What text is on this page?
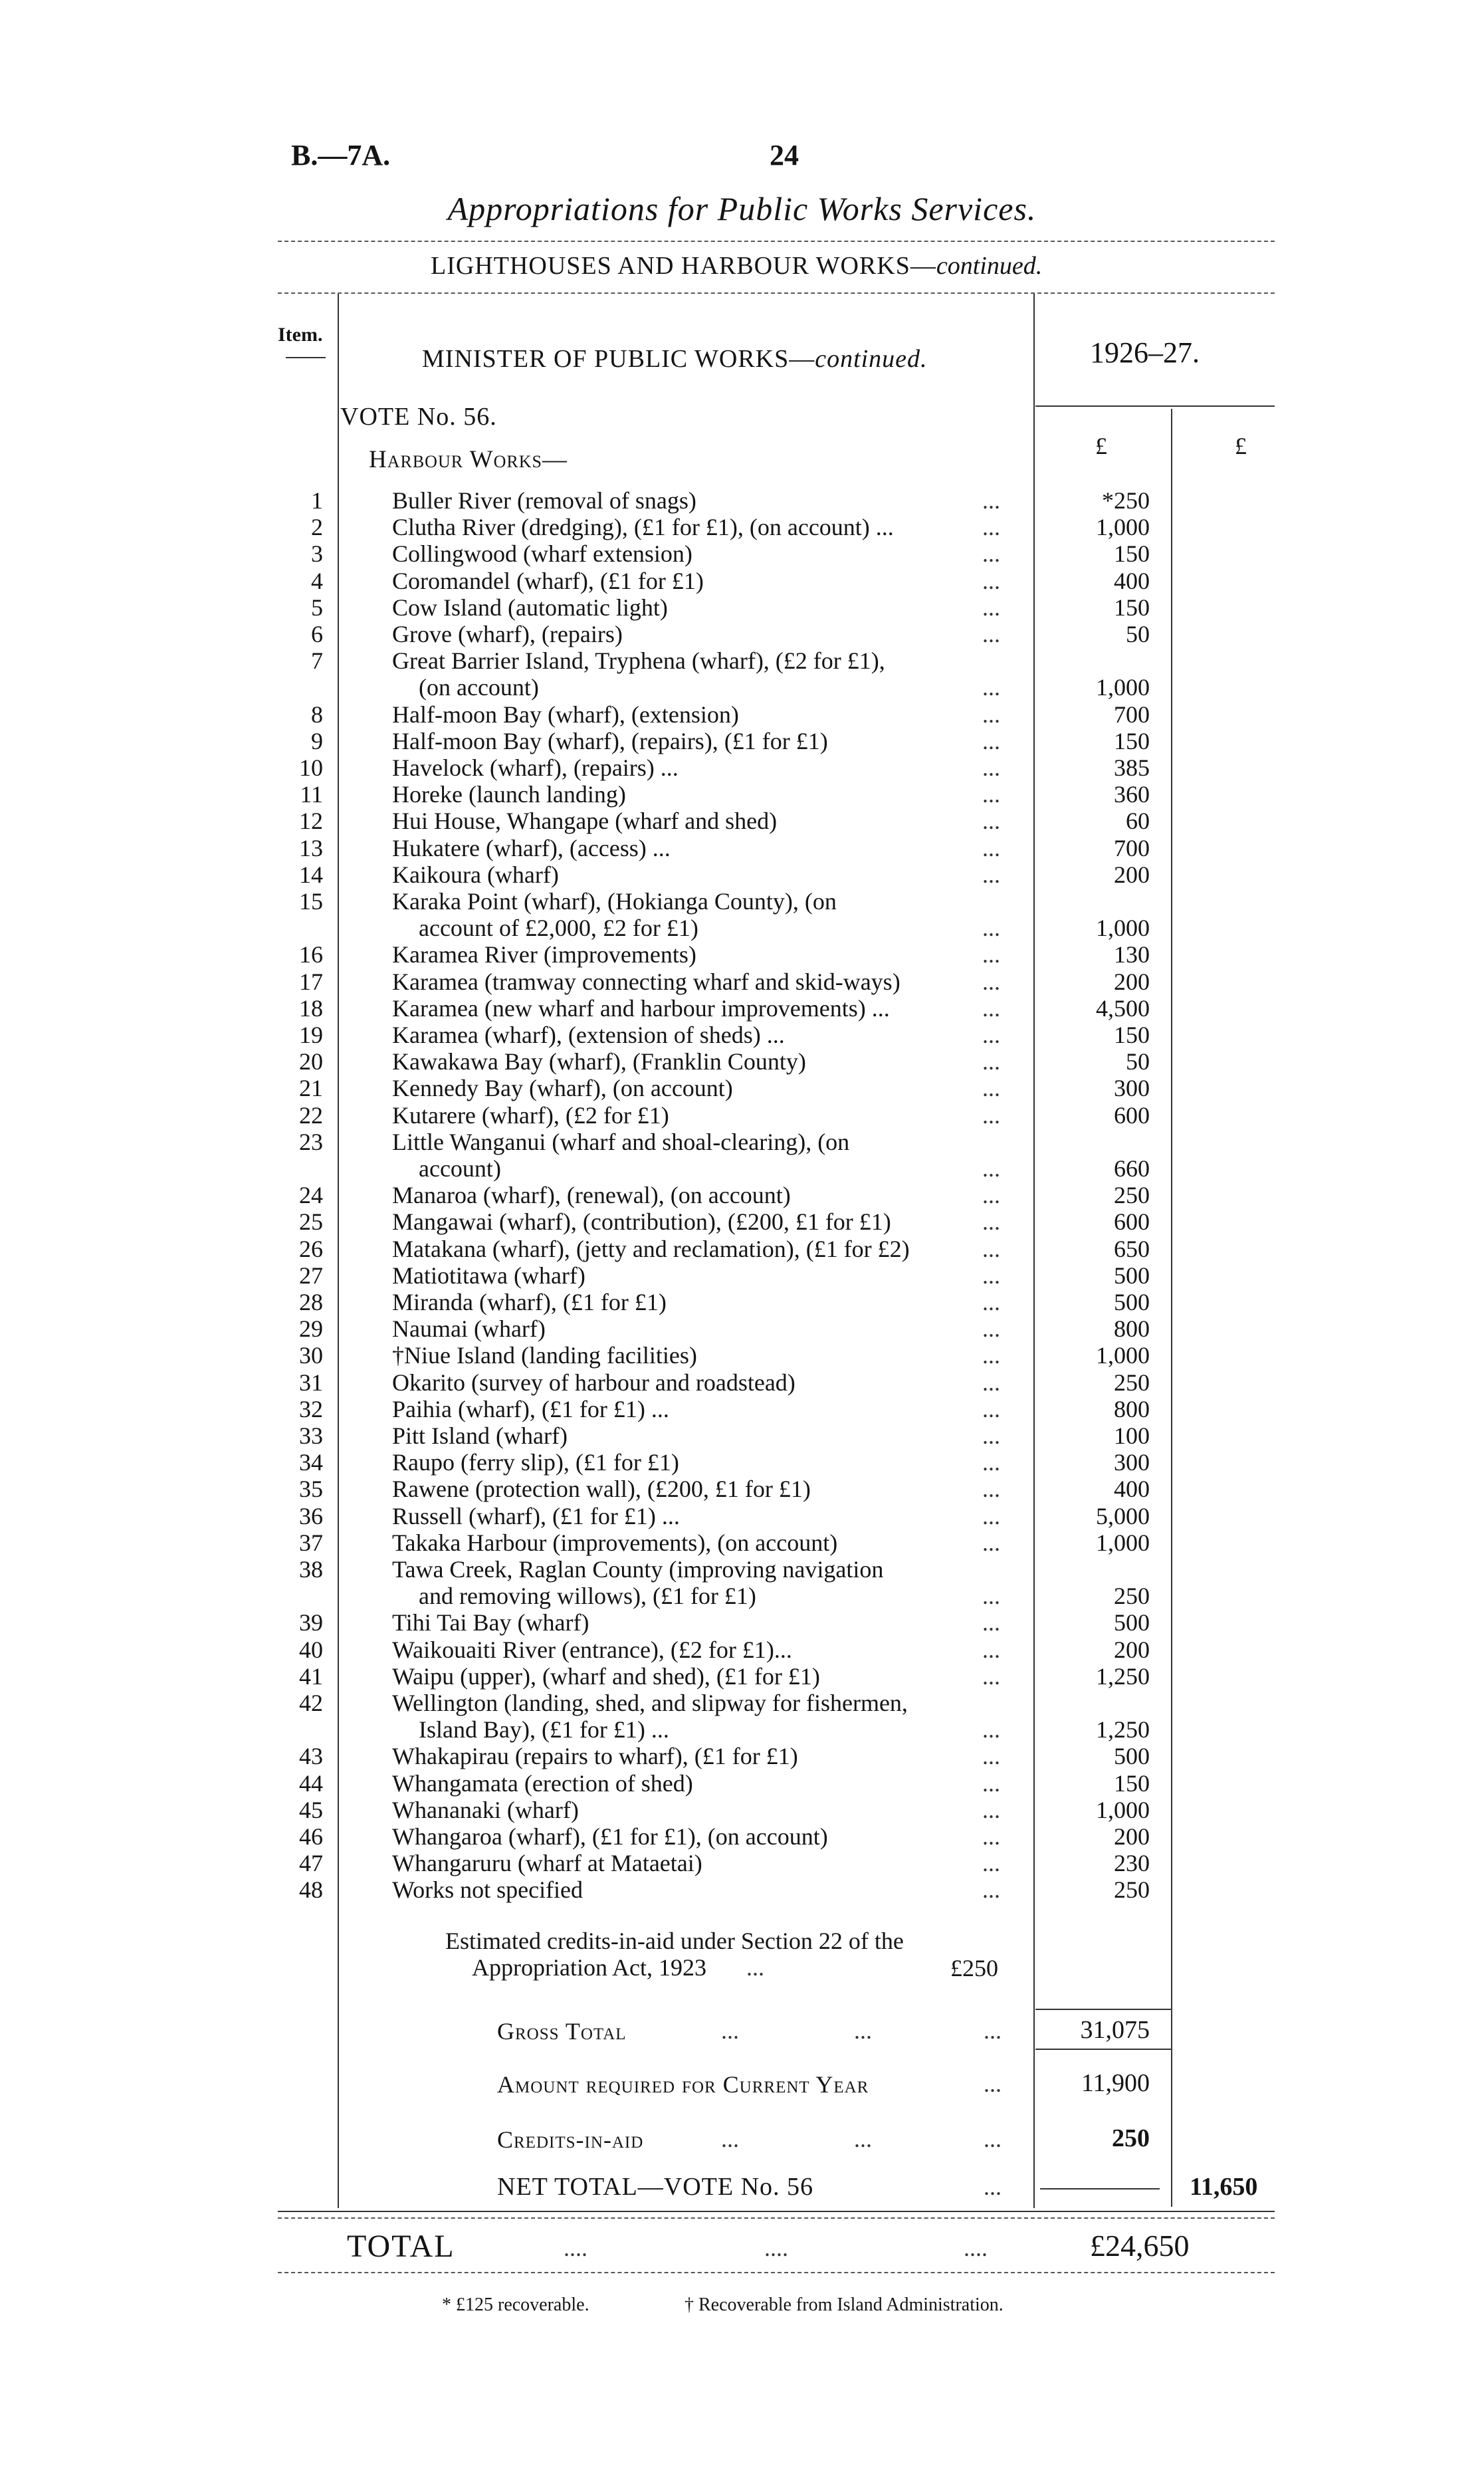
B.—7A.	24
Appropriations for Public Works Services.
LIGHTHOUSES AND HARBOUR WORKS—continued.
Item.
MINISTER OF PUBLIC WORKS—continued.	1926–27.
VOTE No. 56.
£	£
Harbour Works—
1	Buller River (removal of snags)	...	*250
2	Clutha River (dredging), (£1 for £1), (on account) ...	...	1,000
3	Collingwood (wharf extension)	...	150
4	Coromandel (wharf), (£1 for £1)	...	400
5	Cow Island (automatic light)	...	150
6	Grove (wharf), (repairs)	...	50
7	Great Barrier Island, Tryphena (wharf), (£2 for £1),
(on account)	...	1,000
8	Half-moon Bay (wharf), (extension)	...	700
9	Half-moon Bay (wharf), (repairs), (£1 for £1)	...	150
10	Havelock (wharf), (repairs) ...	...	385
11	Horeke (launch landing)	...	360
12	Hui House, Whangape (wharf and shed)	...	60
13	Hukatere (wharf), (access) ...	...	700
14	Kaikoura (wharf)	...	200
15	Karaka Point (wharf), (Hokianga County), (on
account of £2,000, £2 for £1)	...	1,000
16	Karamea River (improvements)	...	130
17	Karamea (tramway connecting wharf and skid-ways)	...	200
18	Karamea (new wharf and harbour improvements) ...	...	4,500
19	Karamea (wharf), (extension of sheds) ...	...	150
20	Kawakawa Bay (wharf), (Franklin County)	...	50
21	Kennedy Bay (wharf), (on account)	...	300
22	Kutarere (wharf), (£2 for £1)	...	600
23	Little Wanganui (wharf and shoal-clearing), (on
account)	...	660
24	Manaroa (wharf), (renewal), (on account)	...	250
25	Mangawai (wharf), (contribution), (£200, £1 for £1)	...	600
26	Matakana (wharf), (jetty and reclamation), (£1 for £2)	...	650
27	Matiotitawa (wharf)	...	500
28	Miranda (wharf), (£1 for £1)	...	500
29	Naumai (wharf)	...	800
30	†Niue Island (landing facilities)	...	1,000
31	Okarito (survey of harbour and roadstead)	...	250
32	Paihia (wharf), (£1 for £1) ...	...	800
33	Pitt Island (wharf)	...	100
34	Raupo (ferry slip), (£1 for £1)	...	300
35	Rawene (protection wall), (£200, £1 for £1)	...	400
36	Russell (wharf), (£1 for £1) ...	...	5,000
37	Takaka Harbour (improvements), (on account)	...	1,000
38	Tawa Creek, Raglan County (improving navigation
and removing willows), (£1 for £1)	...	250
39	Tihi Tai Bay (wharf)	...	500
40	Waikouaiti River (entrance), (£2 for £1)...	...	200
41	Waipu (upper), (wharf and shed), (£1 for £1)	...	1,250
42	Wellington (landing, shed, and slipway for fishermen,
Island Bay), (£1 for £1) ...	...	1,250
43	Whakapirau (repairs to wharf), (£1 for £1)	...	500
44	Whangamata (erection of shed)	...	150
45	Whananaki (wharf)	...	1,000
46	Whangaroa (wharf), (£1 for £1), (on account)	...	200
47	Whangaruru (wharf at Mataetai)	...	230
48	Works not specified	...	250
Estimated credits-in-aid under Section 22 of the
Appropriation Act, 1923 ...	£250
Gross Total	...	...	...	31,075
Amount required for Current Year	...	11,900
Credits-in-aid	...	...	...	250
NET TOTAL—VOTE No. 56	...	11,650
TOTAL	....	....	....	£24,650
* £125 recoverable.	† Recoverable from Island Administration.
